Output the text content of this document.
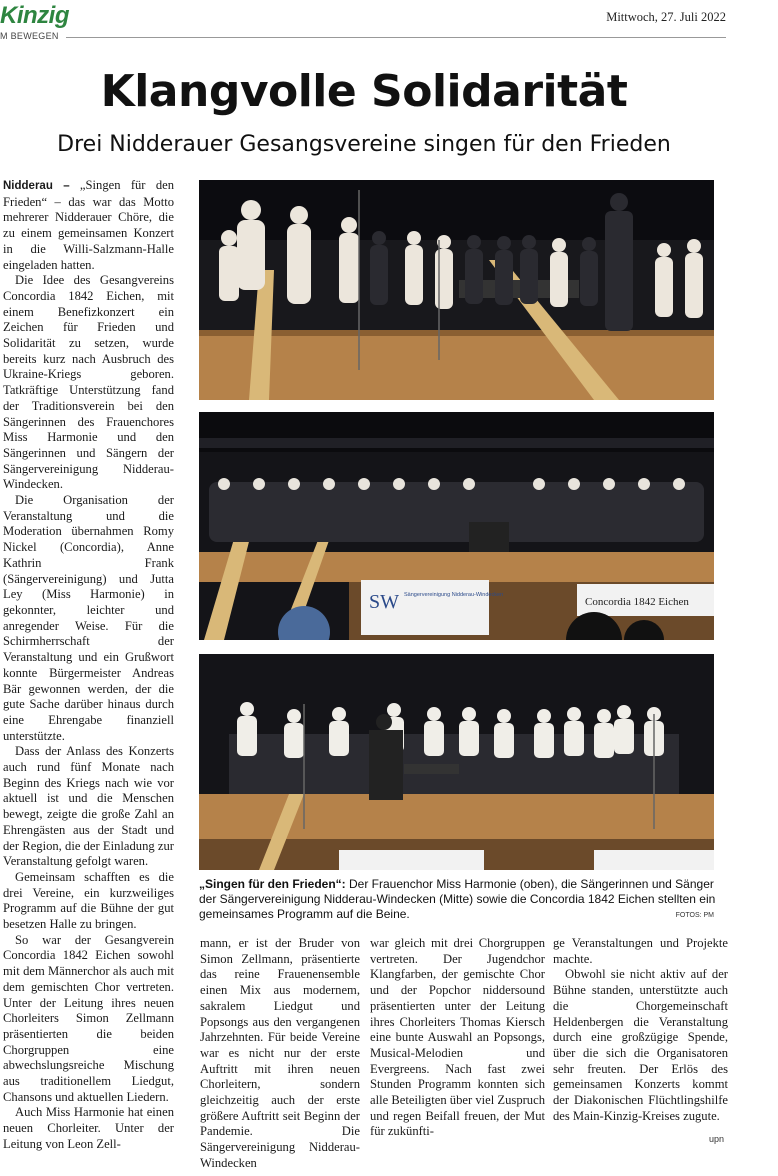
Kinzig
M BEWEGEN
Mittwoch, 27. Juli 2022
Klangvolle Solidarität
Drei Nidderauer Gesangsvereine singen für den Frieden

Nidderau – „Singen für den Frieden“ – das war das Motto mehrerer Nidderauer Chöre, die zu einem gemeinsamen Konzert in die Willi-Salzmann-Halle eingeladen hatten.

Die Idee des Gesangvereins Concordia 1842 Eichen, mit einem Benefizkonzert ein Zeichen für Frieden und Solidarität zu setzen, wurde bereits kurz nach Ausbruch des Ukraine-Kriegs geboren. Tatkräftige Unterstützung fand der Traditionsverein bei den Sängerinnen des Frauenchores Miss Harmonie und den Sängerinnen und Sängern der Sängervereinigung Nidderau-Windecken.

Die Organisation der Veranstaltung und die Moderation übernahmen Romy Nickel (Concordia), Anne Kathrin Frank (Sängervereinigung) und Jutta Ley (Miss Harmonie) in gekonnter, leichter und anregender Weise. Für die Schirmherrschaft der Veranstaltung und ein Grußwort konnte Bürgermeister Andreas Bär gewonnen werden, der die gute Sache darüber hinaus durch eine Ehrengabe finanziell unterstützte.

Dass der Anlass des Konzerts auch rund fünf Monate nach Beginn des Kriegs nach wie vor aktuell ist und die Menschen bewegt, zeigte die große Zahl an Ehrengästen aus der Stadt und der Region, die der Einladung zur Veranstaltung gefolgt waren.

Gemeinsam schafften es die drei Vereine, ein kurzweiliges Programm auf die Bühne der gut besetzen Halle zu bringen.

So war der Gesangverein Concordia 1842 Eichen sowohl mit dem Männerchor als auch mit dem gemischten Chor vertreten. Unter der Leitung ihres neuen Chorleiters Simon Zellmann präsentierten die beiden Chorgruppen eine abwechslungsreiche Mischung aus traditionellem Liedgut, Chansons und aktuellen Liedern.

Auch Miss Harmonie hat einen neuen Chorleiter. Unter der Leitung von Leon Zell-

SW Sängervereinigung Nidderau-Windecken
Concordia 1842 Eichen
„Singen für den Frieden“: Der Frauenchor Miss Harmonie (oben), die Sängerinnen und Sänger der Sängervereinigung Nidderau-Windecken (Mitte) sowie die Concordia 1842 Eichen stellten ein gemeinsames Programm auf die Beine.	FOTOS: PM

mann, er ist der Bruder von Simon Zellmann, präsentierte das reine Frauenensemble einen Mix aus modernem, sakralem Liedgut und Popsongs aus den vergangenen Jahrzehnten. Für beide Vereine war es nicht nur der erste Auftritt mit ihren neuen Chorleitern, sondern gleichzeitig auch der erste größere Auftritt seit Beginn der Pandemie. Die Sängervereinigung Nidderau-Windecken

war gleich mit drei Chorgruppen vertreten. Der Jugendchor Klangfarben, der gemischte Chor und der Popchor niddersound präsentierten unter der Leitung ihres Chorleiters Thomas Kiersch eine bunte Auswahl an Popsongs, Musical-Melodien und Evergreens. Nach fast zwei Stunden Programm konnten sich alle Beteiligten über viel Zuspruch und regen Beifall freuen, der Mut für zukünfti-

ge Veranstaltungen und Projekte machte.

Obwohl sie nicht aktiv auf der Bühne standen, unterstützte auch die Chorgemeinschaft Heldenbergen die Veranstaltung durch eine großzügige Spende, über die sich die Organisatoren sehr freuten. Der Erlös des gemeinsamen Konzerts kommt der Diakonischen Flüchtlingshilfe des Main-Kinzig-Kreises zugute.

upn
